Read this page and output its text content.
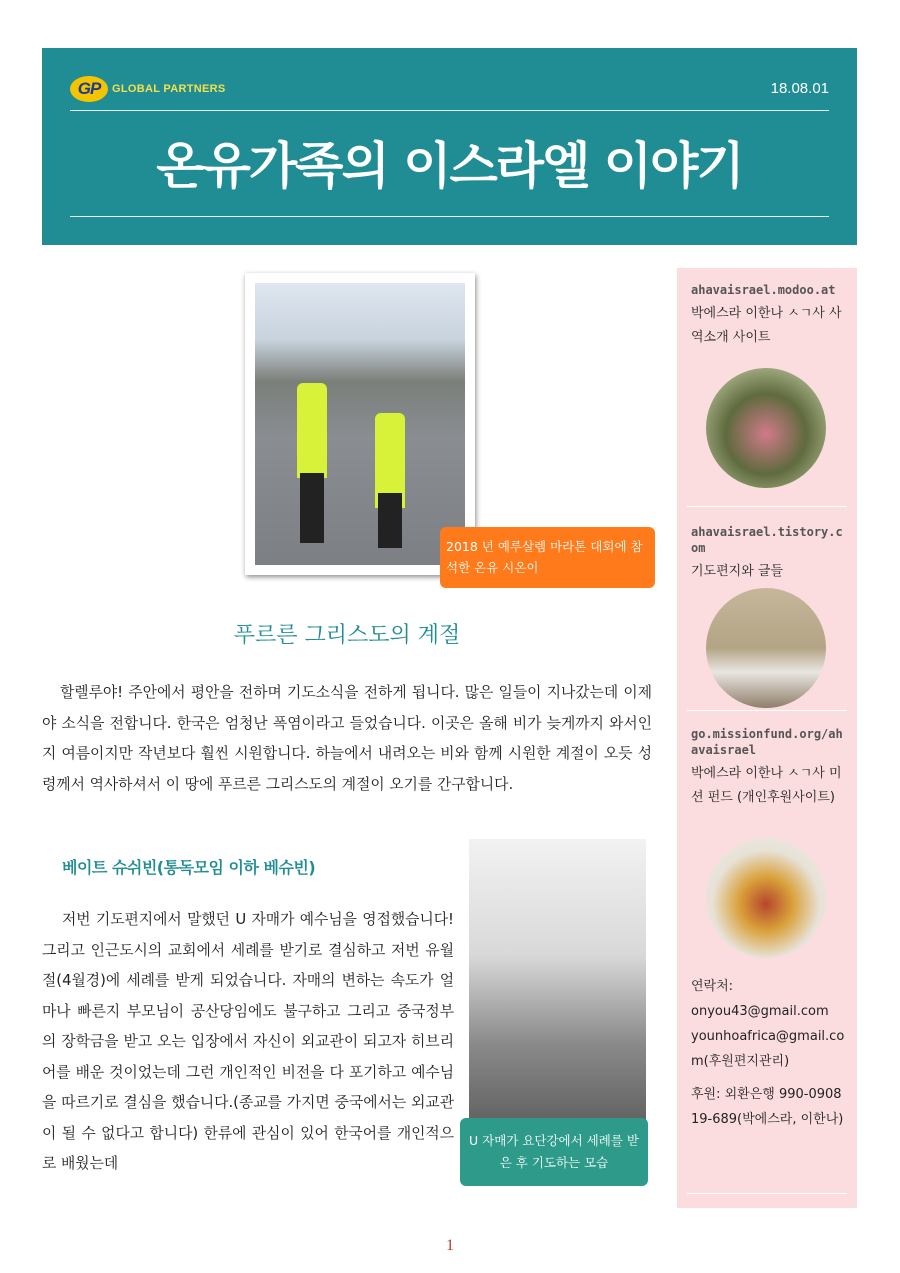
GP	GLOBAL PARTNERS	18.08.01
온유가족의 이스라엘 이야기
2018 년 예루살렘 마라톤 대회에 참석한 온유 시온이
푸르른 그리스도의 계절
할렐루야! 주안에서 평안을 전하며 기도소식을 전하게 됩니다. 많은 일들이 지나갔는데 이제야 소식을 전합니다. 한국은 엄청난 폭염이라고 들었습니다. 이곳은 올해 비가 늦게까지 와서인지 여름이지만 작년보다 훨씬 시원합니다. 하늘에서 내려오는 비와 함께 시원한 계절이 오듯 성령께서 역사하셔서 이 땅에 푸르른 그리스도의 계절이 오기를 간구합니다.
베이트 슈쉬빈(통독모임 이하 베슈빈)
저번 기도편지에서 말했던 U 자매가 예수님을 영접했습니다! 그리고 인근도시의 교회에서 세례를 받기로 결심하고 저번 유월절(4월경)에 세례를 받게 되었습니다. 자매의 변하는 속도가 얼마나 빠른지 부모님이 공산당임에도 불구하고 그리고 중국정부의 장학금을 받고 오는 입장에서 자신이 외교관이 되고자 히브리어를 배운 것이었는데 그런 개인적인 비전을 다 포기하고 예수님을 따르기로 결심을 했습니다.(종교를 가지면 중국에서는 외교관이 될 수 없다고 합니다) 한류에 관심이 있어 한국어를 개인적으로 배웠는데
U 자매가 요단강에서 세례를 받은 후 기도하는 모습
ahavaisrael.modoo.at
박에스라 이한나 ㅅㄱ사 사역소개 사이트
ahavaisrael.tistory.com
기도편지와 글들
go.missionfund.org/ahavaisrael
박에스라 이한나 ㅅㄱ사 미션 펀드 (개인후원사이트)
연락처:
onyou43@gmail.com
younhoafrica@gmail.com(후원편지관리)
후원: 외환은행 990-090819-689(박에스라, 이한나)
1
